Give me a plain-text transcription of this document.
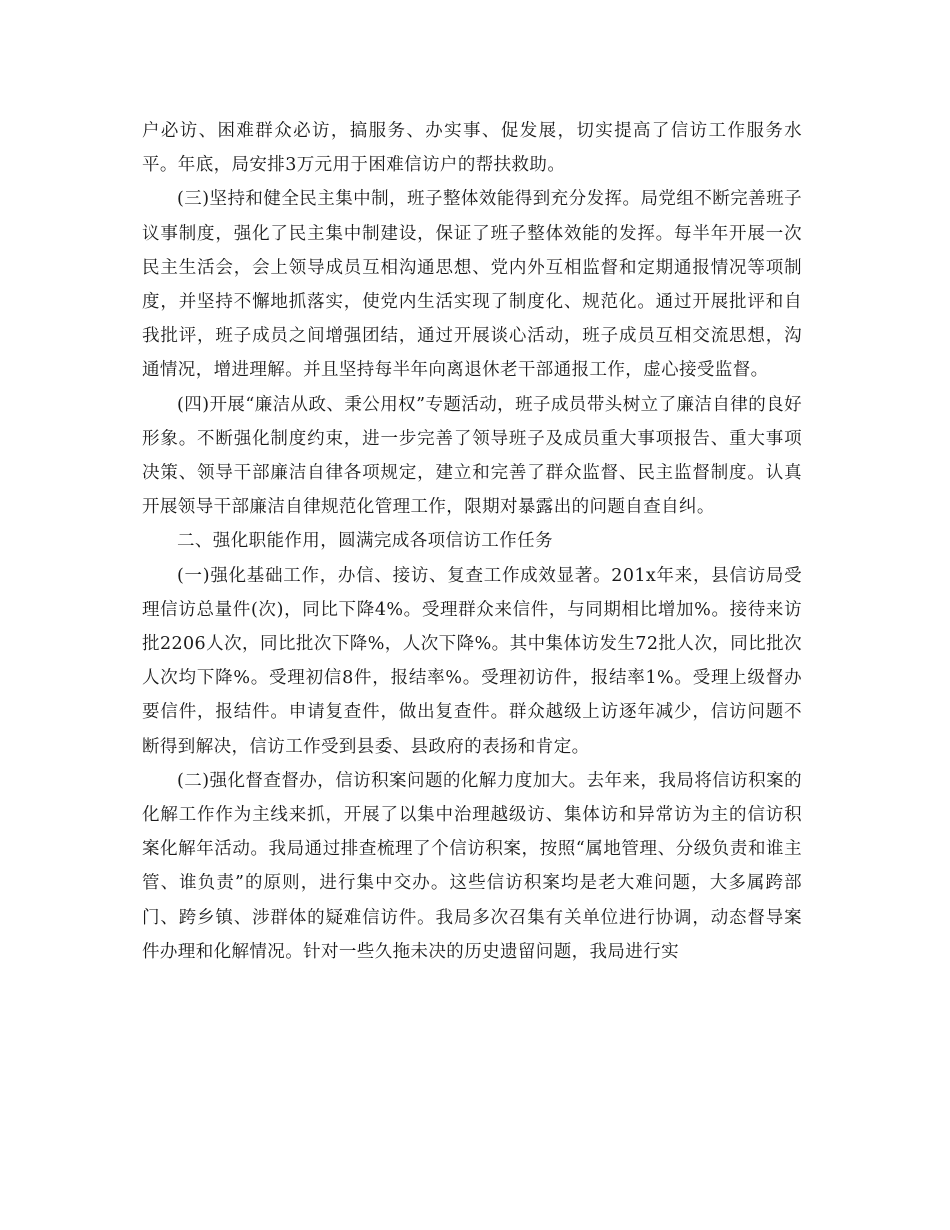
户必访、困难群众必访，搞服务、办实事、促发展，切实提高了信访工作服务水平。年底，局安排3万元用于困难信访户的帮扶救助。

(三)坚持和健全民主集中制，班子整体效能得到充分发挥。局党组不断完善班子议事制度，强化了民主集中制建设，保证了班子整体效能的发挥。每半年开展一次民主生活会，会上领导成员互相沟通思想、党内外互相监督和定期通报情况等项制度，并坚持不懈地抓落实，使党内生活实现了制度化、规范化。通过开展批评和自我批评，班子成员之间增强团结，通过开展谈心活动，班子成员互相交流思想，沟通情况，增进理解。并且坚持每半年向离退休老干部通报工作，虚心接受监督。

(四)开展“廉洁从政、秉公用权”专题活动，班子成员带头树立了廉洁自律的良好形象。不断强化制度约束，进一步完善了领导班子及成员重大事项报告、重大事项决策、领导干部廉洁自律各项规定，建立和完善了群众监督、民主监督制度。认真开展领导干部廉洁自律规范化管理工作，限期对暴露出的问题自查自纠。

二、强化职能作用，圆满完成各项信访工作任务

(一)强化基础工作，办信、接访、复查工作成效显著。201x年来，县信访局受理信访总量件(次)，同比下降4%。受理群众来信件，与同期相比增加%。接待来访批2206人次，同比批次下降%，人次下降%。其中集体访发生72批人次，同比批次人次均下降%。受理初信8件，报结率%。受理初访件，报结率1%。受理上级督办要信件，报结件。申请复查件，做出复查件。群众越级上访逐年减少，信访问题不断得到解决，信访工作受到县委、县政府的表扬和肯定。

(二)强化督查督办，信访积案问题的化解力度加大。去年来，我局将信访积案的化解工作作为主线来抓，开展了以集中治理越级访、集体访和异常访为主的信访积案化解年活动。我局通过排查梳理了个信访积案，按照“属地管理、分级负责和谁主管、谁负责”的原则，进行集中交办。这些信访积案均是老大难问题，大多属跨部门、跨乡镇、涉群体的疑难信访件。我局多次召集有关单位进行协调，动态督导案件办理和化解情况。针对一些久拖未决的历史遗留问题，我局进行实
